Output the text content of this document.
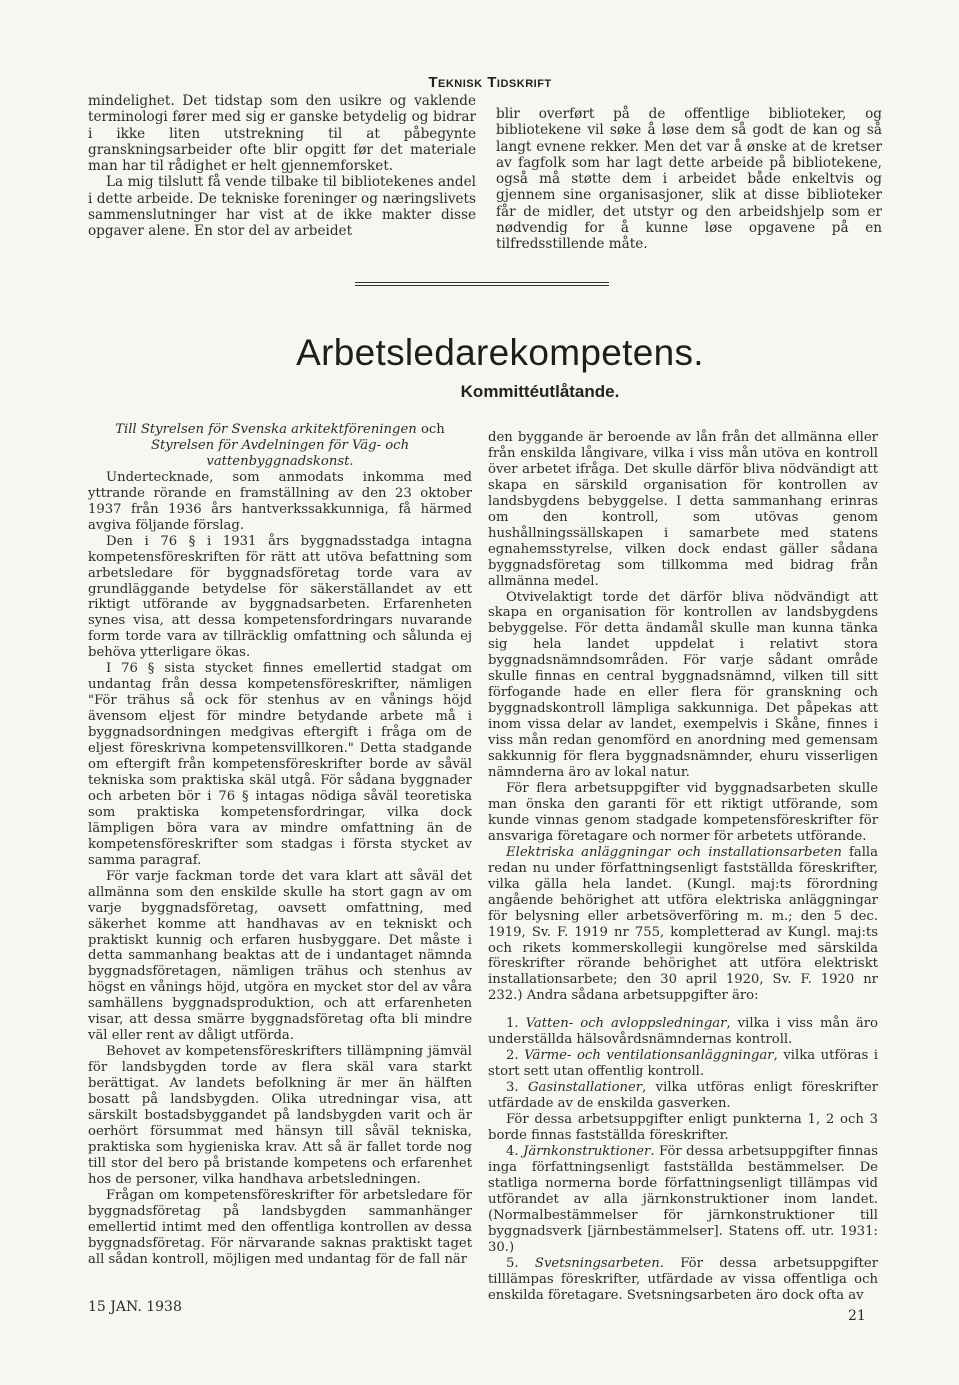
Teknisk Tidskrift

mindelighet. Det tidstap som den usikre og vaklende terminologi fører med sig er ganske betydelig og bidrar i ikke liten utstrekning til at påbegynte granskningsarbeider ofte blir opgitt før det materiale man har til rådighet er helt gjennemforsket.

La mig tilslutt få vende tilbake til bibliotekenes andel i dette arbeide. De tekniske foreninger og næringslivets sammenslutninger har vist at de ikke makter disse opgaver alene. En stor del av arbeidet

blir overført på de offentlige biblioteker, og bibliotekene vil søke å løse dem så godt de kan og så langt evnene rekker. Men det var å ønske at de kretser av fagfolk som har lagt dette arbeide på bibliotekene, også må støtte dem i arbeidet både enkeltvis og gjennem sine organisasjoner, slik at disse biblioteker får de midler, det utstyr og den arbeidshjelp som er nødvendig for å kunne løse opgavene på en tilfredsstillende måte.

Arbetsledarekompetens.
Kommittéutlåtande.

Till Styrelsen för Svenska arkitektföreningen och
Styrelsen för Avdelningen för Väg- och vattenbyggnadskonst.

Undertecknade, som anmodats inkomma med yttrande rörande en framställning av den 23 oktober 1937 från 1936 års hantverkssakkunniga, få härmed avgiva följande förslag.

Den i 76 § i 1931 års byggnadsstadga intagna kompetensföreskriften för rätt att utöva befattning som arbetsledare för byggnadsföretag torde vara av grundläggande betydelse för säkerställandet av ett riktigt utförande av byggnadsarbeten. Erfarenheten synes visa, att dessa kompetensfordringars nuvarande form torde vara av tillräcklig omfattning och sålunda ej behöva ytterligare ökas.

I 76 § sista stycket finnes emellertid stadgat om undantag från dessa kompetensföreskrifter, nämligen "För trähus så ock för stenhus av en vånings höjd ävensom eljest för mindre betydande arbete må i byggnadsordningen medgivas eftergift i fråga om de eljest föreskrivna kompetensvillkoren." Detta stadgande om eftergift från kompetensföreskrifter borde av såväl tekniska som praktiska skäl utgå. För sådana byggnader och arbeten bör i 76 § intagas nödiga såväl teoretiska som praktiska kompetensfordringar, vilka dock lämpligen böra vara av mindre omfattning än de kompetensföreskrifter som stadgas i första stycket av samma paragraf.

För varje fackman torde det vara klart att såväl det allmänna som den enskilde skulle ha stort gagn av om varje byggnadsföretag, oavsett omfattning, med säkerhet komme att handhavas av en tekniskt och praktiskt kunnig och erfaren husbyggare. Det måste i detta sammanhang beaktas att de i undantaget nämnda byggnadsföretagen, nämligen trähus och stenhus av högst en vånings höjd, utgöra en mycket stor del av våra samhällens byggnadsproduktion, och att erfarenheten visar, att dessa smärre byggnadsföretag ofta bli mindre väl eller rent av dåligt utförda.

Behovet av kompetensföreskrifters tillämpning jämväl för landsbygden torde av flera skäl vara starkt berättigat. Av landets befolkning är mer än hälften bosatt på landsbygden. Olika utredningar visa, att särskilt bostadsbyggandet på landsbygden varit och är oerhört försummat med hänsyn till såväl tekniska, praktiska som hygieniska krav. Att så är fallet torde nog till stor del bero på bristande kompetens och erfarenhet hos de personer, vilka handhava arbetsledningen.

Frågan om kompetensföreskrifter för arbetsledare för byggnadsföretag på landsbygden sammanhänger emellertid intimt med den offentliga kontrollen av dessa byggnadsföretag. För närvarande saknas praktiskt taget all sådan kontroll, möjligen med undantag för de fall när

den byggande är beroende av lån från det allmänna eller från enskilda långivare, vilka i viss mån utöva en kontroll över arbetet ifråga. Det skulle därför bliva nödvändigt att skapa en särskild organisation för kontrollen av landsbygdens bebyggelse. I detta sammanhang erinras om den kontroll, som utövas genom hushållningssällskapen i samarbete med statens egnahemsstyrelse, vilken dock endast gäller sådana byggnadsföretag som tillkomma med bidrag från allmänna medel.

Otvivelaktigt torde det därför bliva nödvändigt att skapa en organisation för kontrollen av landsbygdens bebyggelse. För detta ändamål skulle man kunna tänka sig hela landet uppdelat i relativt stora byggnadsnämndsområden. För varje sådant område skulle finnas en central byggnadsnämnd, vilken till sitt förfogande hade en eller flera för granskning och byggnadskontroll lämpliga sakkunniga. Det påpekas att inom vissa delar av landet, exempelvis i Skåne, finnes i viss mån redan genomförd en anordning med gemensam sakkunnig för flera byggnadsnämnder, ehuru visserligen nämnderna äro av lokal natur.

För flera arbetsuppgifter vid byggnadsarbeten skulle man önska den garanti för ett riktigt utförande, som kunde vinnas genom stadgade kompetensföreskrifter för ansvariga företagare och normer för arbetets utförande.

Elektriska anläggningar och installationsarbeten falla redan nu under författningsenligt fastställda föreskrifter, vilka gälla hela landet. (Kungl. maj:ts förordning angående behörighet att utföra elektriska anläggningar för belysning eller arbetsöverföring m. m.; den 5 dec. 1919, Sv. F. 1919 nr 755, kompletterad av Kungl. maj:ts och rikets kommerskollegii kungörelse med särskilda föreskrifter rörande behörighet att utföra elektriskt installationsarbete; den 30 april 1920, Sv. F. 1920 nr 232.) Andra sådana arbetsuppgifter äro:

1. Vatten- och avloppsledningar, vilka i viss mån äro underställda hälsovårdsnämndernas kontroll.

2. Värme- och ventilationsanläggningar, vilka utföras i stort sett utan offentlig kontroll.

3. Gasinstallationer, vilka utföras enligt föreskrifter utfärdade av de enskilda gasverken.

För dessa arbetsuppgifter enligt punkterna 1, 2 och 3 borde finnas fastställda föreskrifter.

4. Järnkonstruktioner. För dessa arbetsuppgifter finnas inga författningsenligt fastställda bestämmelser. De statliga normerna borde författningsenligt tillämpas vid utförandet av alla järnkonstruktioner inom landet. (Normalbestämmelser för järnkonstruktioner till byggnadsverk [järnbestämmelser]. Statens off. utr. 1931: 30.)

5. Svetsningsarbeten. För dessa arbetsuppgifter tilllämpas föreskrifter, utfärdade av vissa offentliga och enskilda företagare. Svetsningsarbeten äro dock ofta av

15 JAN. 1938
21
